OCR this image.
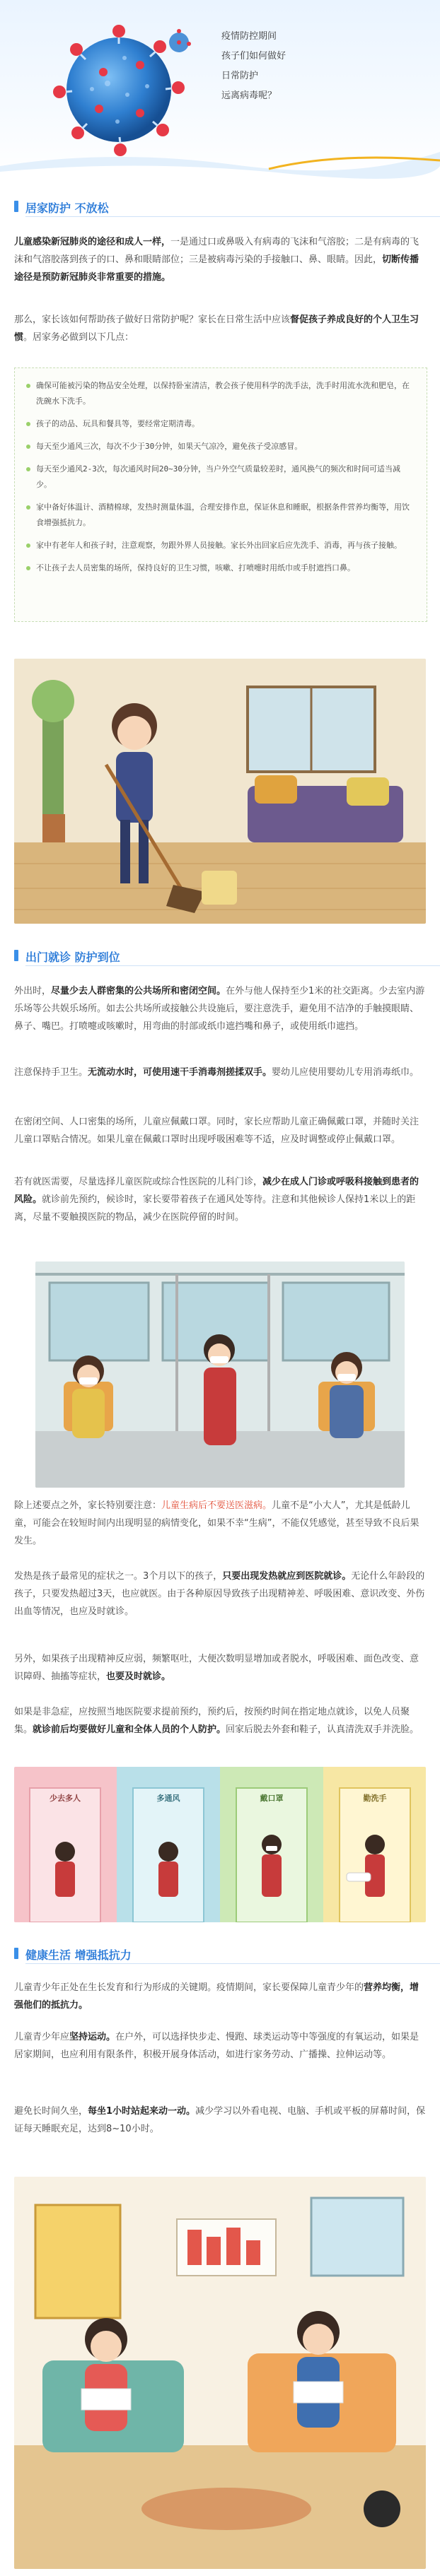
疫情防控期间
孩子们如何做好
日常防护
远离病毒呢？
居家防护 不放松

儿童感染新冠肺炎的途径和成人一样，一是通过口或鼻吸入有病毒的飞沫和气溶胶；二是有病毒的飞沫和气溶胶落到孩子的口、鼻和眼睛部位；三是被病毒污染的手接触口、鼻、眼睛。因此，切断传播途径是预防新冠肺炎非常重要的措施。

那么，家长该如何帮助孩子做好日常防护呢？家长在日常生活中应该督促孩子养成良好的个人卫生习惯。居家务必做到以下几点：

确保可能被污染的物品安全处理，以保持卧室清洁，教会孩子使用科学的洗手法，洗手时用流水洗和肥皂，在洗碗水下洗手。
孩子的动品、玩具和餐具等，要经常定期清毒。
每天至少通风三次，每次不少于30分钟，如果天气凉冷，避免孩子受凉感冒。
每天至少通风2-3次，每次通风时间20~30分钟，当户外空气质量较差时，通风换气的频次和时间可适当减少。
家中备好体温计、酒精棉球，发热时测量体温，合理安排作息，保证休息和睡眠，根据条件营养均衡等，用饮食增强抵抗力。
家中有老年人和孩子时，注意观察，勿跟外界人员接触。家长外出回家后应先洗手、消毒，再与孩子接触。
不让孩子去人员密集的场所，保持良好的卫生习惯，咳嗽、打喷嚏时用纸巾或手肘遮挡口鼻。
出门就诊 防护到位

外出时，尽量少去人群密集的公共场所和密闭空间。在外与他人保持至少1米的社交距离。少去室内游乐场等公共娱乐场所。如去公共场所或接触公共设施后，要注意洗手，避免用不洁净的手触摸眼睛、鼻子、嘴巴。打喷嚏或咳嗽时，用弯曲的肘部或纸巾遮挡嘴和鼻子，或使用纸巾遮挡。

注意保持手卫生。无流动水时，可使用速干手消毒剂搓揉双手。婴幼儿应使用婴幼儿专用消毒纸巾。

在密闭空间、人口密集的场所，儿童应佩戴口罩。同时，家长应帮助儿童正确佩戴口罩，并随时关注儿童口罩贴合情况。如果儿童在佩戴口罩时出现呼吸困难等不适，应及时调整或停止佩戴口罩。

若有就医需要，尽量选择儿童医院或综合性医院的儿科门诊，减少在成人门诊或呼吸科接触到患者的风险。就诊前先预约，候诊时，家长要带着孩子在通风处等待。注意和其他候诊人保持1米以上的距离，尽量不要触摸医院的物品，减少在医院停留的时间。

除上述要点之外，家长特别要注意：儿童生病后不要送医滋病。儿童不是“小大人”，尤其是低龄儿童，可能会在较短时间内出现明显的病情变化，如果不幸“生病”，不能仅凭感觉，甚至导致不良后果发生。

发热是孩子最常见的症状之一。3个月以下的孩子，只要出现发热就应到医院就诊。无论什么年龄段的孩子，只要发热超过3天，也应就医。由于各种原因导致孩子出现精神差、呼吸困难、意识改变、外伤出血等情况，也应及时就诊。

另外，如果孩子出现精神反应弱，频繁呕吐，大便次数明显增加或者脱水，呼吸困难、面色改变、意识障碍、抽搐等症状，也要及时就诊。

如果是非急症，应按照当地医院要求提前预约，预约后，按预约时间在指定地点就诊，以免人员聚集。就诊前后均要做好儿童和全体人员的个人防护。回家后脱去外套和鞋子，认真清洗双手并洗脸。

少去多人	多通风	戴口罩	勤洗手
健康生活 增强抵抗力

儿童青少年正处在生长发育和行为形成的关键期。疫情期间，家长要保障儿童青少年的营养均衡，增强他们的抵抗力。

儿童青少年应坚持运动。在户外，可以选择快步走、慢跑、球类运动等中等强度的有氧运动，如果是居家期间，也应利用有限条件，积极开展身体活动，如进行家务劳动、广播操、拉伸运动等。

避免长时间久坐，每坐1小时站起来动一动。减少学习以外看电视、电脑、手机或平板的屏幕时间，保证每天睡眠充足，达到8~10小时。
